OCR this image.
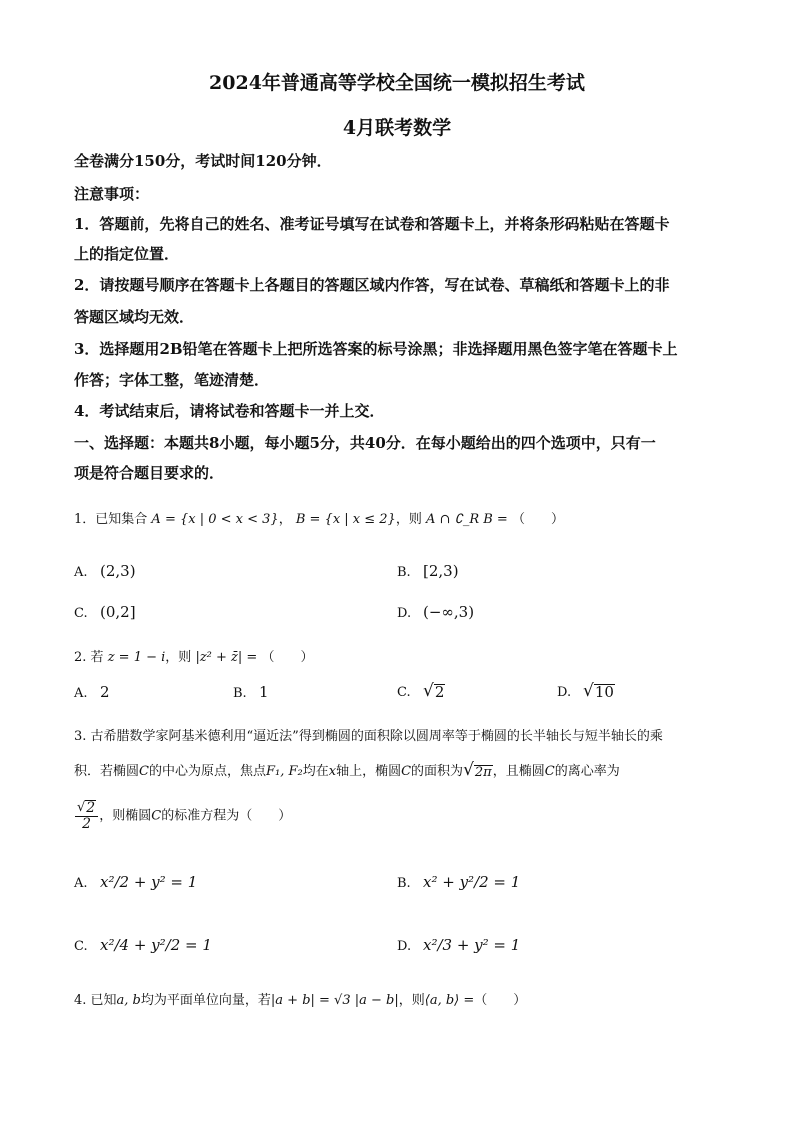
2024年普通高等学校全国统一模拟招生考试
4月联考数学
全卷满分150分，考试时间120分钟．
注意事项：
1．答题前，先将自己的姓名、准考证号填写在试卷和答题卡上，并将条形码粘贴在答题卡
上的指定位置．
2．请按题号顺序在答题卡上各题目的答题区域内作答，写在试卷、草稿纸和答题卡上的非
答题区域均无效．
3．选择题用2B铅笔在答题卡上把所选答案的标号涂黑；非选择题用黑色签字笔在答题卡上
作答；字体工整，笔迹清楚．
4．考试结束后，请将试卷和答题卡一并上交．
一、选择题：本题共8小题，每小题5分，共40分．在每小题给出的四个选项中，只有一
项是符合题目要求的．
1．已知集合 A = {x | 0 < x < 3}， B = {x | x ≤ 2}，则 A ∩ ∁_R B = （　　）
A. (2,3)	B. [2,3)
C. (0,2]	D. (−∞,3)
2. 若 z = 1 − i，则 |z² + z̄| = （　　）
A. 2	B. 1	C. √ 2	D. √ 10
3. 古希腊数学家阿基米德利用“逼近法”得到椭圆的面积除以圆周率等于椭圆的长半轴长与短半轴长的乘
积．若椭圆C的中心为原点，焦点F₁, F₂均在x轴上，椭圆C的面积为 √ 2π ，且椭圆C的离心率为
$\frac{√ 2}{2}$ ，则椭圆C的标准方程为（　　）
A. x²/2 + y² = 1	B. x² + y²/2 = 1
C. x²/4 + y²/2 = 1	D. x²/3 + y² = 1
4. 已知a, b均为平面单位向量，若|a + b| = √3 |a − b|，则⟨a, b⟩ =（　　）
